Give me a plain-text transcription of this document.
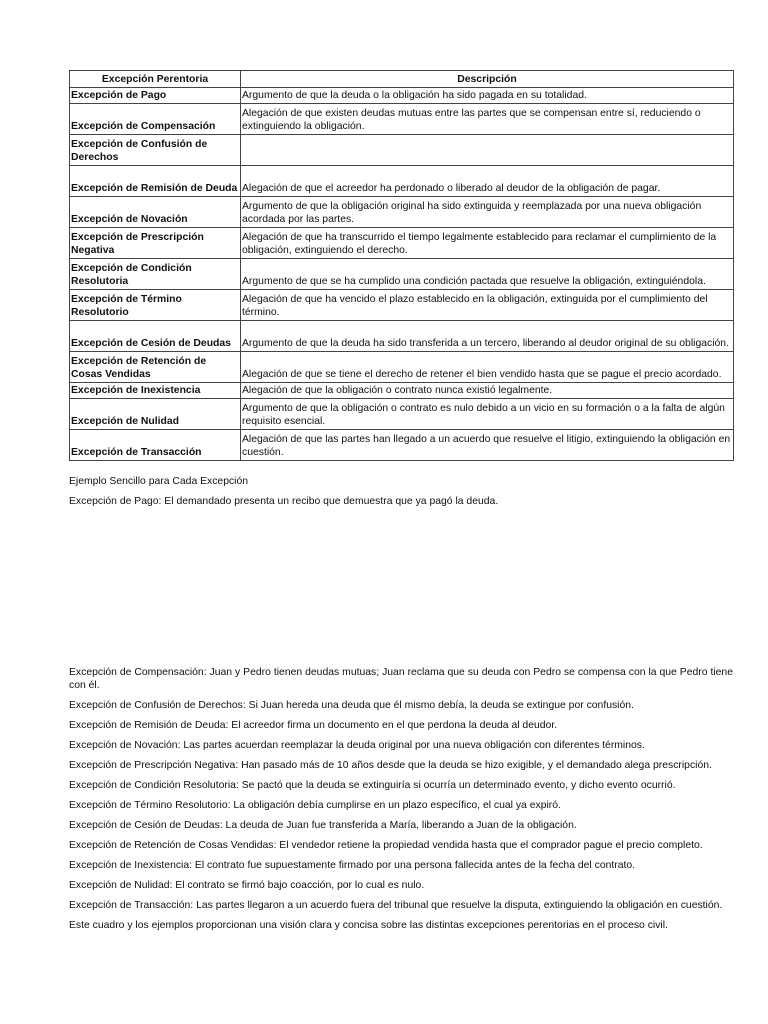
Excepción Perentoria	Descripción
Excepción de Pago	Argumento de que la deuda o la obligación ha sido pagada en su totalidad.
Excepción de Compensación	Alegación de que existen deudas mutuas entre las partes que se compensan entre sí, reduciendo o extinguiendo la obligación.
Excepción de Confusión de Derechos	
Excepción de Remisión de Deuda	Alegación de que el acreedor ha perdonado o liberado al deudor de la obligación de pagar.
Excepción de Novación	Argumento de que la obligación original ha sido extinguida y reemplazada por una nueva obligación acordada por las partes.
Excepción de Prescripción Negativa	Alegación de que ha transcurrido el tiempo legalmente establecido para reclamar el cumplimiento de la obligación, extinguiendo el derecho.
Excepción de Condición Resolutoria	Argumento de que se ha cumplido una condición pactada que resuelve la obligación, extinguiéndola.
Excepción de Término Resolutorio	Alegación de que ha vencido el plazo establecido en la obligación, extinguida por el cumplimiento del término.
Excepción de Cesión de Deudas	Argumento de que la deuda ha sido transferida a un tercero, liberando al deudor original de su obligación.
Excepción de Retención de Cosas Vendidas	Alegación de que se tiene el derecho de retener el bien vendido hasta que se pague el precio acordado.
Excepción de Inexistencia	Alegación de que la obligación o contrato nunca existió legalmente.
Excepción de Nulidad	Argumento de que la obligación o contrato es nulo debido a un vicio en su formación o a la falta de algún requisito esencial.
Excepción de Transacción	Alegación de que las partes han llegado a un acuerdo que resuelve el litigio, extinguiendo la obligación en cuestión.

Ejemplo Sencillo para Cada Excepción

Excepción de Pago: El demandado presenta un recibo que demuestra que ya pagó la deuda.

Excepción de Compensación: Juan y Pedro tienen deudas mutuas; Juan reclama que su deuda con Pedro se compensa con la que Pedro tiene con él.

Excepción de Confusión de Derechos: Si Juan hereda una deuda que él mismo debía, la deuda se extingue por confusión.

Excepción de Remisión de Deuda: El acreedor firma un documento en el que perdona la deuda al deudor.

Excepción de Novación: Las partes acuerdan reemplazar la deuda original por una nueva obligación con diferentes términos.

Excepción de Prescripción Negativa: Han pasado más de 10 años desde que la deuda se hizo exigible, y el demandado alega prescripción.

Excepción de Condición Resolutoria: Se pactó que la deuda se extinguiría si ocurría un determinado evento, y dicho evento ocurrió.

Excepción de Término Resolutorio: La obligación debía cumplirse en un plazo específico, el cual ya expiró.

Excepción de Cesión de Deudas: La deuda de Juan fue transferida a María, liberando a Juan de la obligación.

Excepción de Retención de Cosas Vendidas: El vendedor retiene la propiedad vendida hasta que el comprador pague el precio completo.

Excepción de Inexistencia: El contrato fue supuestamente firmado por una persona fallecida antes de la fecha del contrato.

Excepción de Nulidad: El contrato se firmó bajo coacción, por lo cual es nulo.

Excepción de Transacción: Las partes llegaron a un acuerdo fuera del tribunal que resuelve la disputa, extinguiendo la obligación en cuestión.

Este cuadro y los ejemplos proporcionan una visión clara y concisa sobre las distintas excepciones perentorias en el proceso civil.
